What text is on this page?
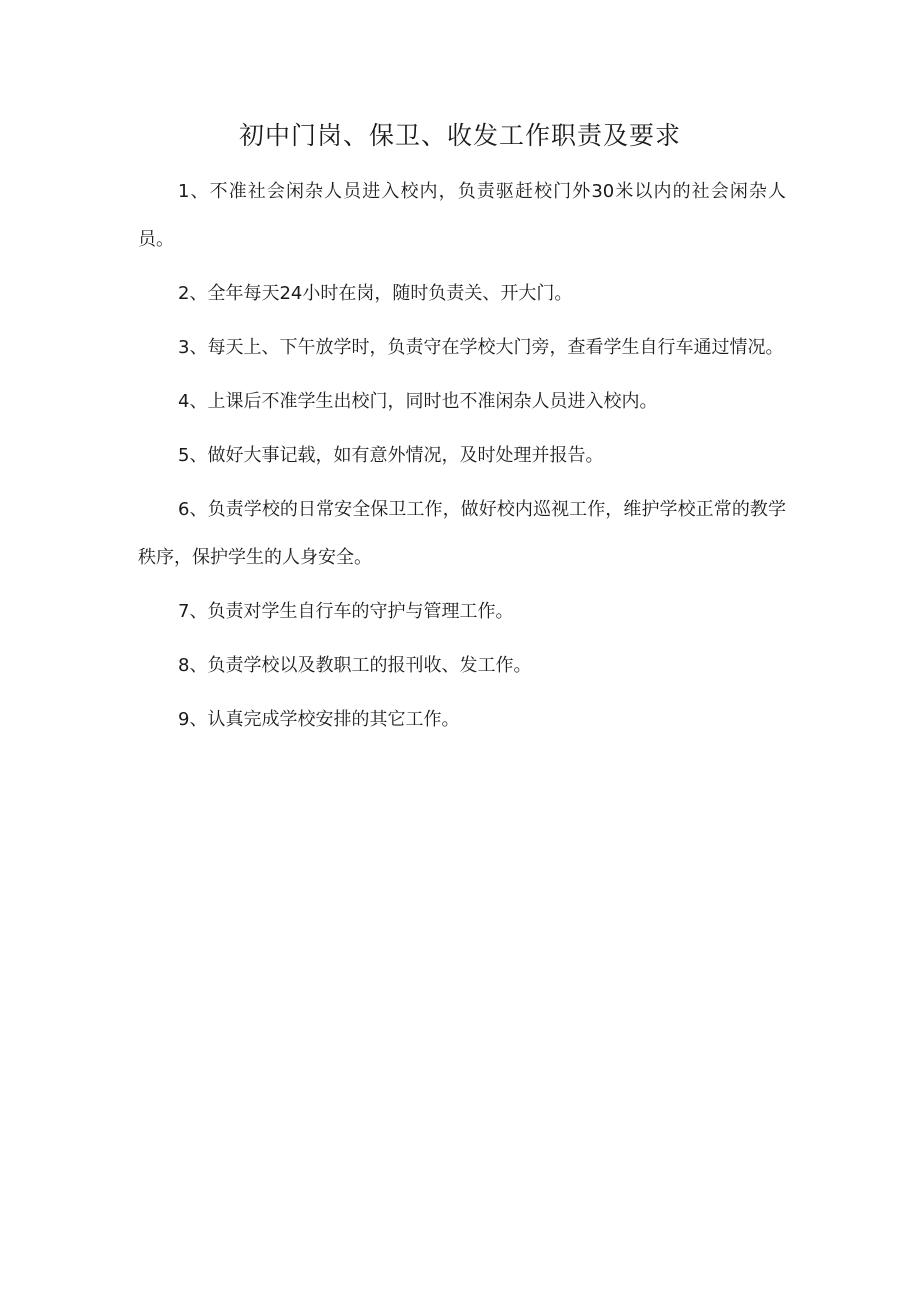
初中门岗、保卫、收发工作职责及要求

1、不准社会闲杂人员进入校内，负责驱赶校门外30米以内的社会闲杂人员。

2、全年每天24小时在岗，随时负责关、开大门。

3、每天上、下午放学时，负责守在学校大门旁，查看学生自行车通过情况。

4、上课后不准学生出校门，同时也不准闲杂人员进入校内。

5、做好大事记载，如有意外情况，及时处理并报告。

6、负责学校的日常安全保卫工作，做好校内巡视工作，维护学校正常的教学秩序，保护学生的人身安全。

7、负责对学生自行车的守护与管理工作。

8、负责学校以及教职工的报刊收、发工作。

9、认真完成学校安排的其它工作。
